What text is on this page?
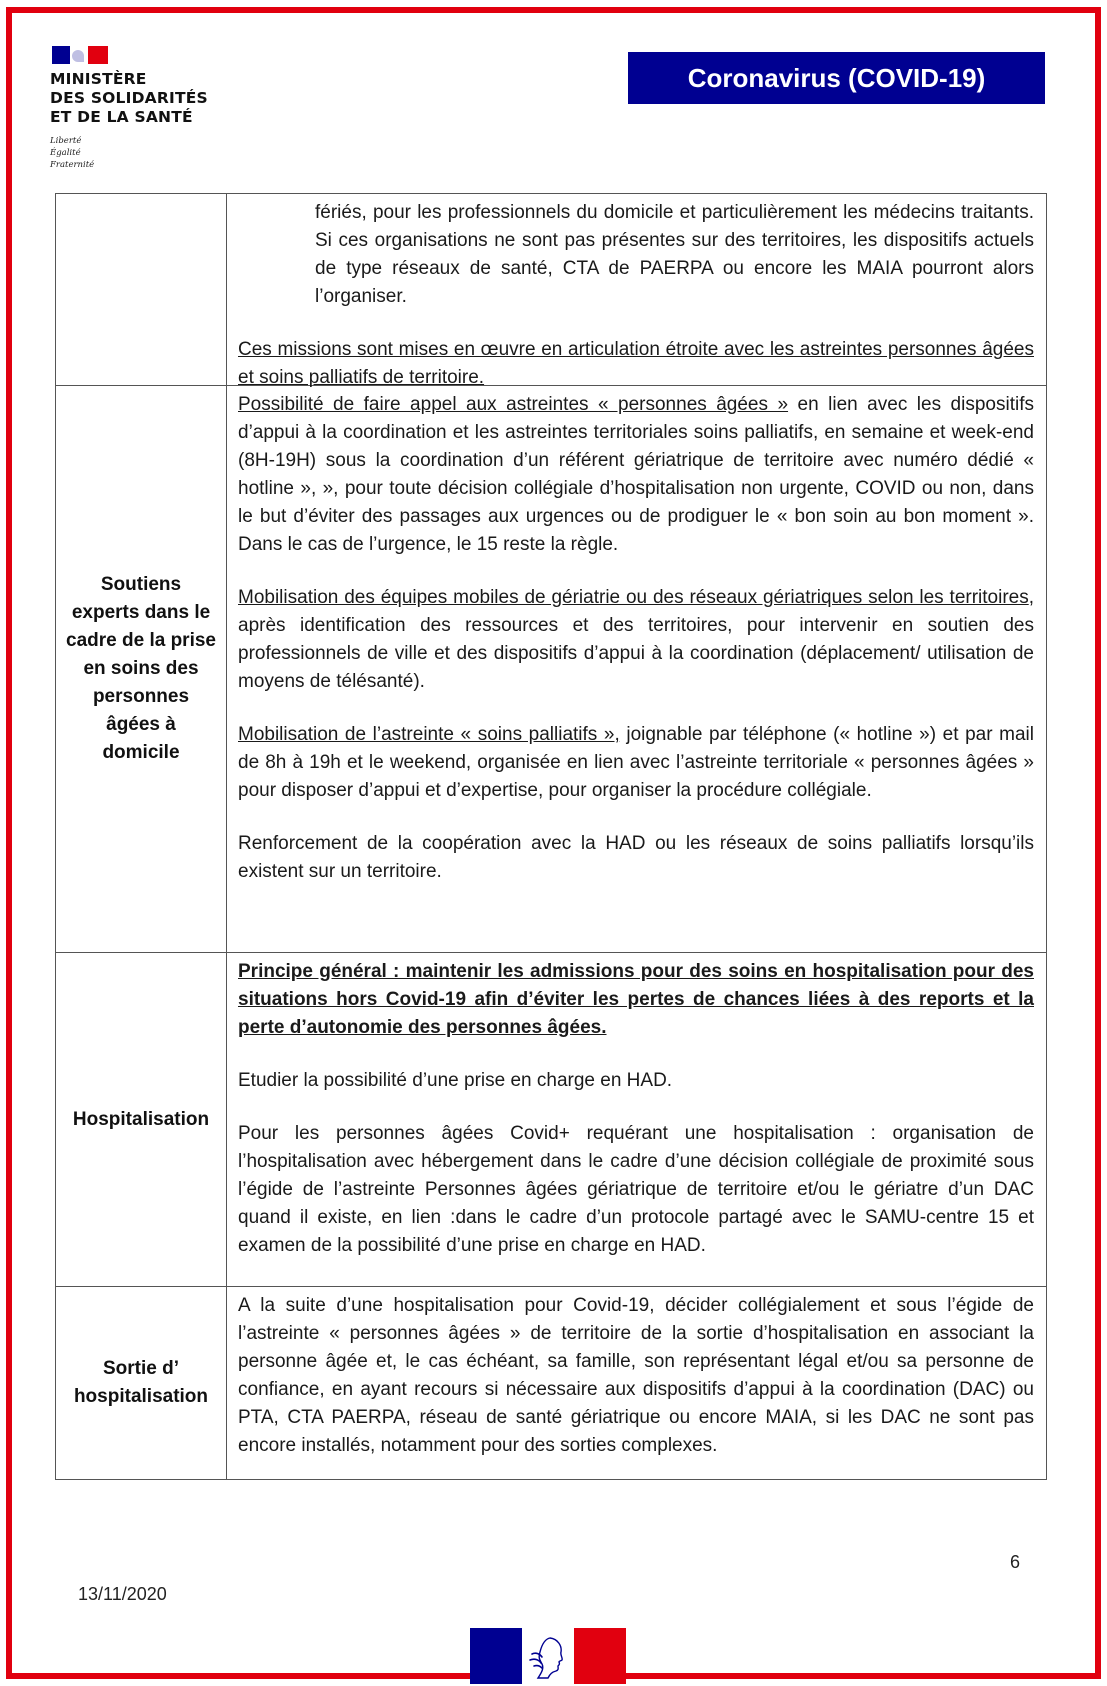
MINISTÈRE
DES SOLIDARITÉS
ET DE LA SANTÉ
Liberté
Égalité
Fraternité
Coronavirus (COVID-19)

fériés, pour les professionnels du domicile et particulièrement les médecins traitants. Si ces organisations ne sont pas présentes sur des territoires, les dispositifs actuels de type réseaux de santé, CTA de PAERPA ou encore les MAIA pourront alors l’organiser.

Ces missions sont mises en œuvre en articulation étroite avec les astreintes personnes âgées et soins palliatifs de territoire.

Soutiens experts dans le cadre de la prise en soins des personnes âgées à domicile

Possibilité de faire appel aux astreintes « personnes âgées » en lien avec les dispositifs d’appui à la coordination et les astreintes territoriales soins palliatifs, en semaine et week-end (8H-19H) sous la coordination d’un référent gériatrique de territoire avec numéro dédié « hotline », », pour toute décision collégiale d’hospitalisation non urgente, COVID ou non, dans le but d’éviter des passages aux urgences ou de prodiguer le « bon soin au bon moment ». Dans le cas de l’urgence, le 15 reste la règle.

Mobilisation des équipes mobiles de gériatrie ou des réseaux gériatriques selon les territoires, après identification des ressources et des territoires, pour intervenir en soutien des professionnels de ville et des dispositifs d’appui à la coordination (déplacement/ utilisation de moyens de télésanté).

Mobilisation de l’astreinte « soins palliatifs », joignable par téléphone (« hotline ») et par mail de 8h à 19h et le weekend, organisée en lien avec l’astreinte territoriale « personnes âgées » pour disposer d’appui et d’expertise, pour organiser la procédure collégiale.

Renforcement de la coopération avec la HAD ou les réseaux de soins palliatifs lorsqu’ils existent sur un territoire.

Hospitalisation

Principe général : maintenir les admissions pour des soins en hospitalisation pour des situations hors Covid-19 afin d’éviter les pertes de chances liées à des reports et la perte d’autonomie des personnes âgées.

Etudier la possibilité d’une prise en charge en HAD.

Pour les personnes âgées Covid+ requérant une hospitalisation : organisation de l’hospitalisation avec hébergement dans le cadre d’une décision collégiale de proximité sous l’égide de l’astreinte Personnes âgées gériatrique de territoire et/ou le gériatre d’un DAC quand il existe, en lien :dans le cadre d’un protocole partagé avec le SAMU-centre 15 et examen de la possibilité d’une prise en charge en HAD.

Sortie d’ hospitalisation

A la suite d’une hospitalisation pour Covid-19, décider collégialement et sous l’égide de l’astreinte « personnes âgées » de territoire de la sortie d’hospitalisation en associant la personne âgée et, le cas échéant, sa famille, son représentant légal et/ou sa personne de confiance, en ayant recours si nécessaire aux dispositifs d’appui à la coordination (DAC) ou PTA, CTA PAERPA, réseau de santé gériatrique ou encore MAIA, si les DAC ne sont pas encore installés, notamment pour des sorties complexes.

6
13/11/2020
